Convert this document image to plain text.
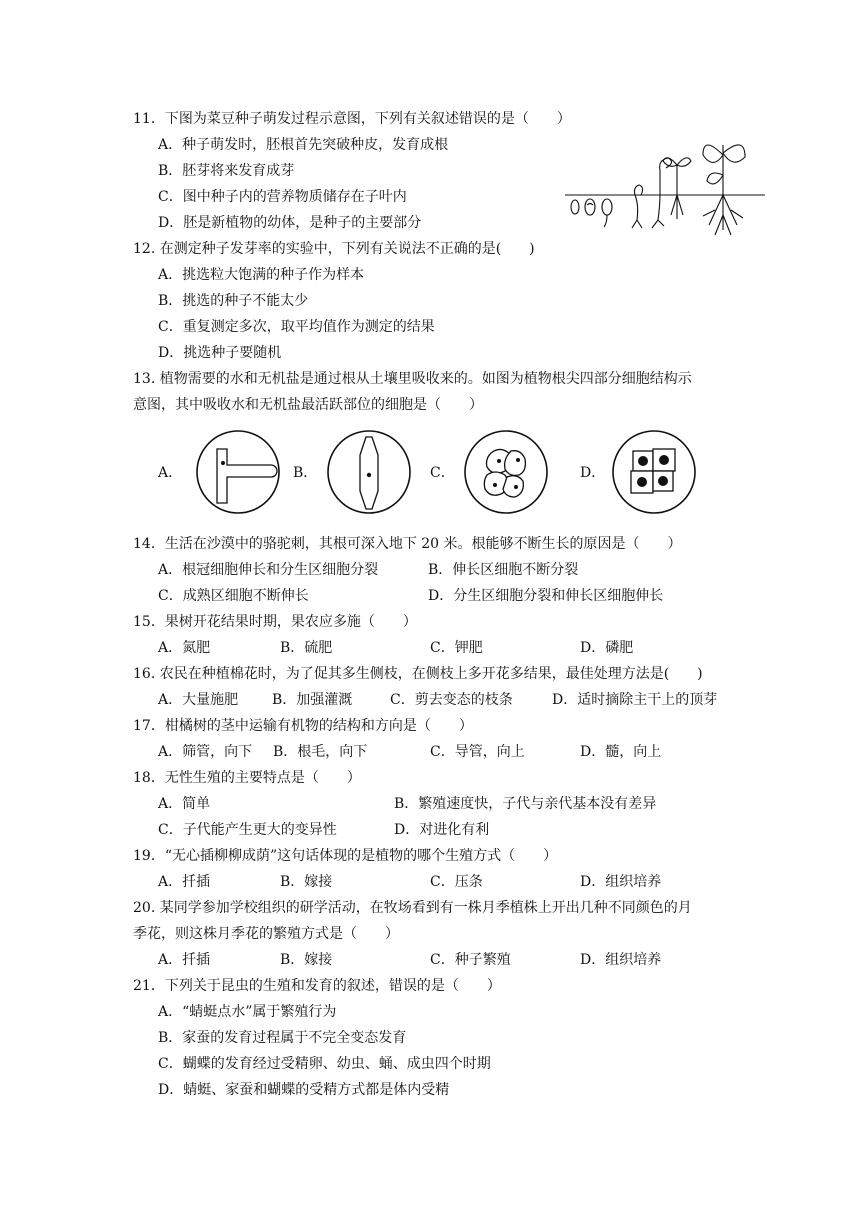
11．下图为菜豆种子萌发过程示意图，下列有关叙述错误的是（　　）
A．种子萌发时，胚根首先突破种皮，发育成根
B．胚芽将来发育成芽
C．图中种子内的营养物质储存在子叶内
D．胚是新植物的幼体，是种子的主要部分
12. 在测定种子发芽率的实验中，下列有关说法不正确的是(　　)
A．挑选粒大饱满的种子作为样本
B．挑选的种子不能太少
C．重复测定多次，取平均值作为测定的结果
D．挑选种子要随机
13. 植物需要的水和无机盐是通过根从土壤里吸收来的。如图为植物根尖四部分细胞结构示
意图，其中吸收水和无机盐最活跃部位的细胞是（　　）
A．	B．	C．	D．
14．生活在沙漠中的骆驼刺，其根可深入地下 20 米。根能够不断生长的原因是（　　）
A．根冠细胞伸长和分生区细胞分裂	B．伸长区细胞不断分裂
C．成熟区细胞不断伸长	D．分生区细胞分裂和伸长区细胞伸长
15．果树开花结果时期，果农应多施（　　）
A．氮肥	B．硫肥	C．钾肥	D．磷肥
16. 农民在种植棉花时，为了促其多生侧枝，在侧枝上多开花多结果，最佳处理方法是(　　)
A．大量施肥 B．加强灌溉	C．剪去变态的枝条	D．适时摘除主干上的顶芽
17．柑橘树的茎中运输有机物的结构和方向是（　　）
A．筛管，向下 B．根毛，向下	C．导管，向上	D．髓，向上
18．无性生殖的主要特点是（　　）
A．简单	B．繁殖速度快，子代与亲代基本没有差异
C．子代能产生更大的变异性	D．对进化有利
19．“无心插柳柳成荫”这句话体现的是植物的哪个生殖方式（　　）
A．扦插	B．嫁接	C．压条	D．组织培养
20. 某同学参加学校组织的研学活动，在牧场看到有一株月季植株上开出几种不同颜色的月
季花，则这株月季花的繁殖方式是（　　）
A．扦插	B．嫁接	C．种子繁殖	D．组织培养
21．下列关于昆虫的生殖和发育的叙述，错误的是（　　）
A．“蜻蜓点水”属于繁殖行为
B．家蚕的发育过程属于不完全变态发育
C．蝴蝶的发育经过受精卵、幼虫、蛹、成虫四个时期
D．蜻蜓、家蚕和蝴蝶的受精方式都是体内受精
